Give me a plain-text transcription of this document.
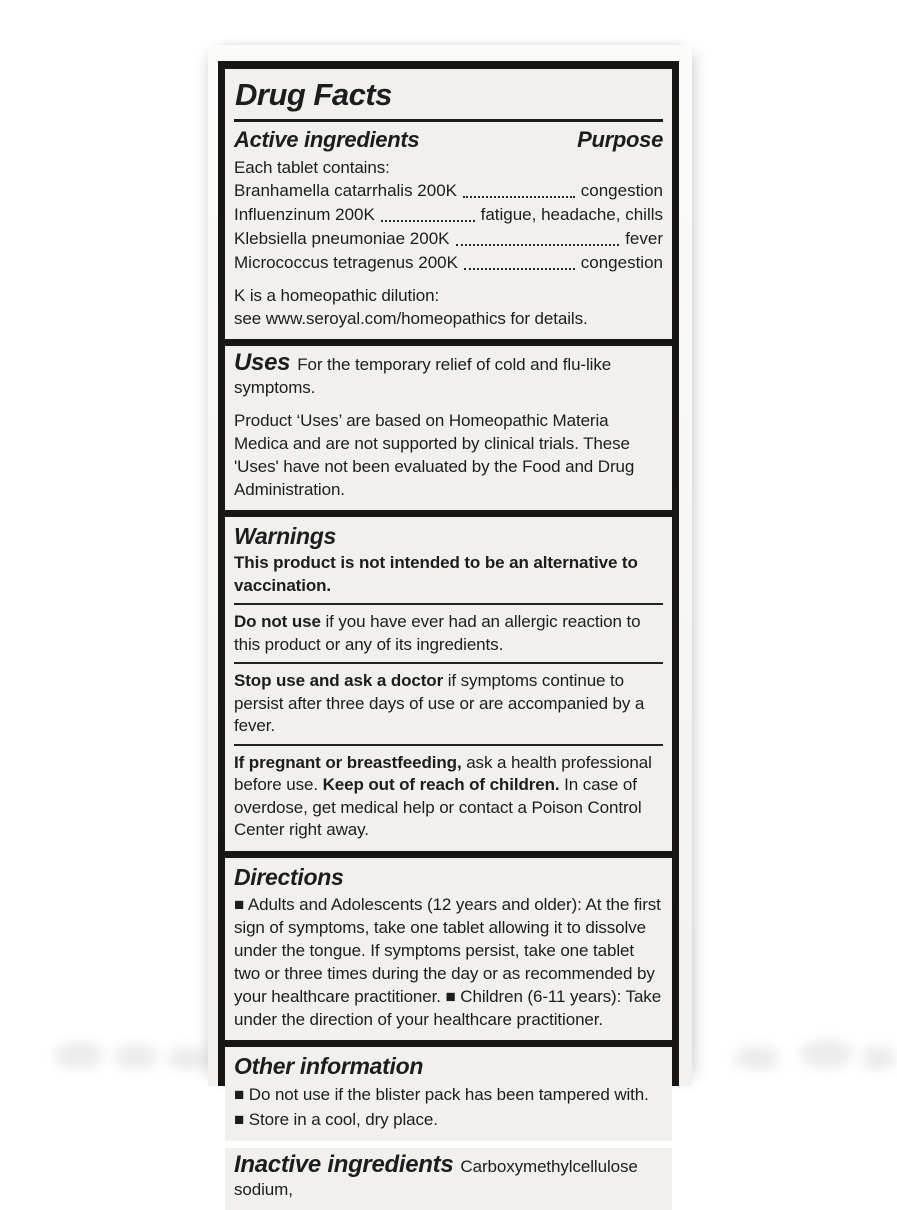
Drug Facts
Active ingredients	Purpose

Each tablet contains:

Branhamella catarrhalis 200K	congestion
Influenzinum 200K	fatigue, headache, chills
Klebsiella pneumoniae 200K	fever
Micrococcus tetragenus 200K	congestion

K is a homeopathic dilution:

see www.seroyal.com/homeopathics for details.

Uses For the temporary relief of cold and flu-like symptoms.

Product ‘Uses’ are based on Homeopathic Materia Medica and are not supported by clinical trials. These 'Uses' have not been evaluated by the Food and Drug Administration.

Warnings

This product is not intended to be an alternative to vaccination.

Do not use if you have ever had an allergic reaction to this product or any of its ingredients.

Stop use and ask a doctor if symptoms continue to persist after three days of use or are accompanied by a fever.

If pregnant or breastfeeding, ask a health professional before use. Keep out of reach of children. In case of overdose, get medical help or contact a Poison Control Center right away.

Directions

■ Adults and Adolescents (12 years and older): At the first sign of symptoms, take one tablet allowing it to dissolve under the tongue. If symptoms persist, take one tablet two or three times during the day or as recommended by your healthcare practitioner. ■ Children (6-11 years): Take under the direction of your healthcare practitioner.

Other information

■ Do not use if the blister pack has been tampered with.

■ Store in a cool, dry place.

Inactive ingredients Carboxymethylcellulose sodium,
